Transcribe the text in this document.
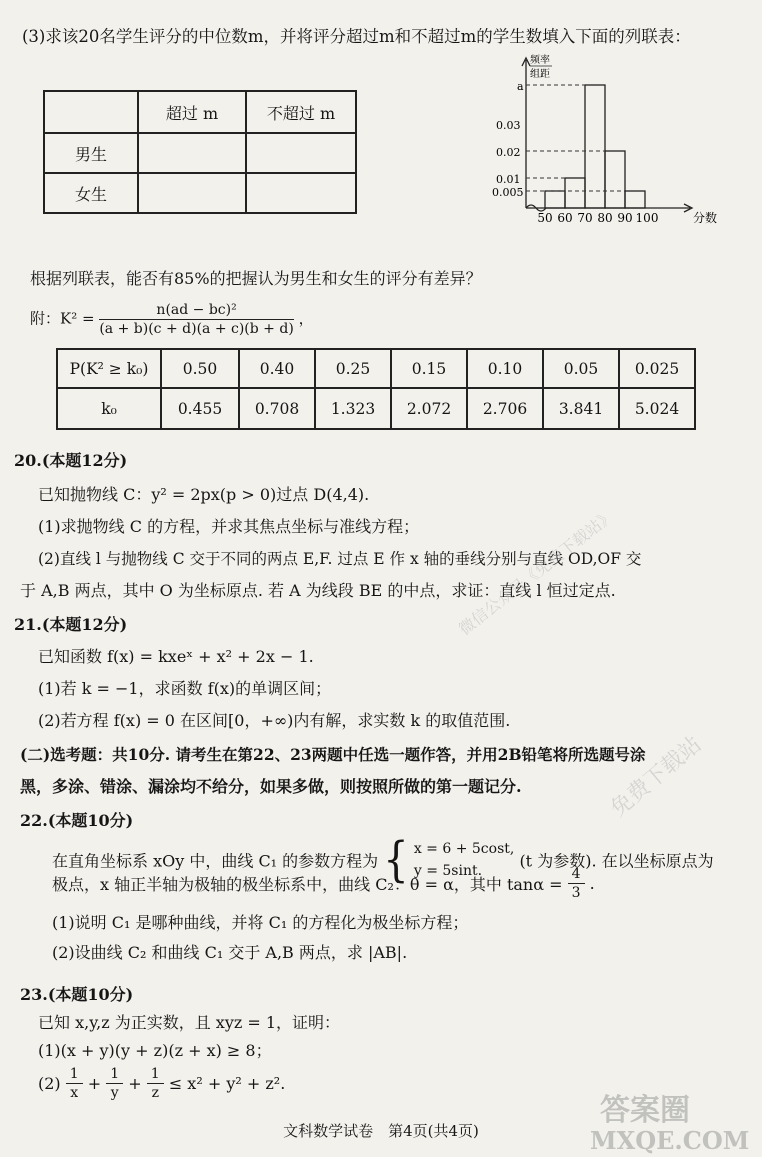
(3)求该20名学生评分的中位数m，并将评分超过m和不超过m的学生数填入下面的列联表：
	超过 m	不超过 m
男生		
女生		
频率
组距
a
0.03
0.02
0.01
0.005
50 60 70 80 90 100	分数
根据列联表，能否有85%的把握认为男生和女生的评分有差异？
附：$K^2 = \frac{\text{n(ad − bc)²}}{(a + b)(c + d)(a + c)(b + d)}$ ，
P(K² ≥ k₀)	0.50	0.40	0.25	0.15	0.10	0.05	0.025
k₀	0.455	0.708	1.323	2.072	2.706	3.841	5.024
20.(本题12分)
已知抛物线 C：y² = 2px(p > 0)过点 D(4,4).
(1)求抛物线 C 的方程，并求其焦点坐标与准线方程；
(2)直线 l 与抛物线 C 交于不同的两点 E,F. 过点 E 作 x 轴的垂线分别与直线 OD,OF 交
于 A,B 两点，其中 O 为坐标原点. 若 A 为线段 BE 的中点，求证：直线 l 恒过定点.
21.(本题12分)
已知函数 f(x) = kxeˣ + x² + 2x − 1.
(1)若 k = −1，求函数 f(x)的单调区间；
(2)若方程 f(x) = 0 在区间[0，+∞)内有解，求实数 k 的取值范围.
(二)选考题：共10分. 请考生在第22、23两题中任选一题作答，并用2B铅笔将所选题号涂
黑，多涂、错涂、漏涂均不给分，如果多做，则按照所做的第一题记分.
22.(本题10分)
在直角坐标系 xOy 中，曲线 C₁ 的参数方程为 { x = 6 + 5cost,
y = 5sint.
(t 为参数). 在以坐标原点为
极点，x 轴正半轴为极轴的极坐标系中，曲线 C₂：θ = α，其中 $\tan\alpha = \frac{4}{3}$ .
(1)说明 C₁ 是哪种曲线，并将 C₁ 的方程化为极坐标方程；
(2)设曲线 C₂ 和曲线 C₁ 交于 A,B 两点，求 |AB|.
23.(本题10分)
已知 x,y,z 为正实数，且 xyz = 1，证明：
(1)(x + y)(y + z)(z + x) ≥ 8；
$(2) \frac{1}{x} + \frac{1}{y} + \frac{1}{z} \le x^2 + y^2 + z^2$.
文科数学试卷　第4页(共4页)
微信公众号《免费下载站》
免费下载站
答案圈
MXQE.COM
